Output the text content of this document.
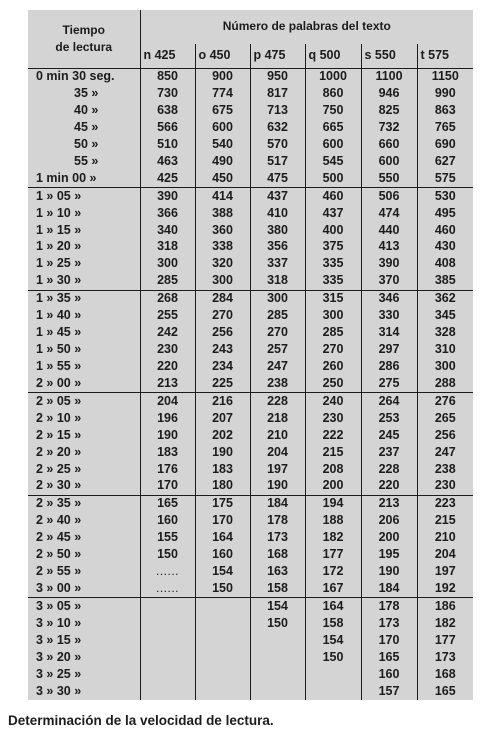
Tiempo
de lectura	Número de palabras del texto					
	n 425	o 450	p 475	q 500	s 550	t 575
0 min 30 seg.	850	900	950	1000	1100	1150
35 »	730	774	817	860	946	990
40 »	638	675	713	750	825	863
45 »	566	600	632	665	732	765
50 »	510	540	570	600	660	690
55 »	463	490	517	545	600	627
1 min 00 »	425	450	475	500	550	575
1 » 05 »	390	414	437	460	506	530
1 » 10 »	366	388	410	437	474	495
1 » 15 »	340	360	380	400	440	460
1 » 20 »	318	338	356	375	413	430
1 » 25 »	300	320	337	335	390	408
1 » 30 »	285	300	318	335	370	385
1 » 35 »	268	284	300	315	346	362
1 » 40 »	255	270	285	300	330	345
1 » 45 »	242	256	270	285	314	328
1 » 50 »	230	243	257	270	297	310
1 » 55 »	220	234	247	260	286	300
2 » 00 »	213	225	238	250	275	288
2 » 05 »	204	216	228	240	264	276
2 » 10 »	196	207	218	230	253	265
2 » 15 »	190	202	210	222	245	256
2 » 20 »	183	190	204	215	237	247
2 » 25 »	176	183	197	208	228	238
2 » 30 »	170	180	190	200	220	230
2 » 35 »	165	175	184	194	213	223
2 » 40 »	160	170	178	188	206	215
2 » 45 »	155	164	173	182	200	210
2 » 50 »	150	160	168	177	195	204
2 » 55 »	......	154	163	172	190	197
3 » 00 »	......	150	158	167	184	192
3 » 05 »			154	164	178	186
3 » 10 »			150	158	173	182
3 » 15 »				154	170	177
3 » 20 »				150	165	173
3 » 25 »					160	168
3 » 30 »					157	165
Determinación de la velocidad de lectura.
